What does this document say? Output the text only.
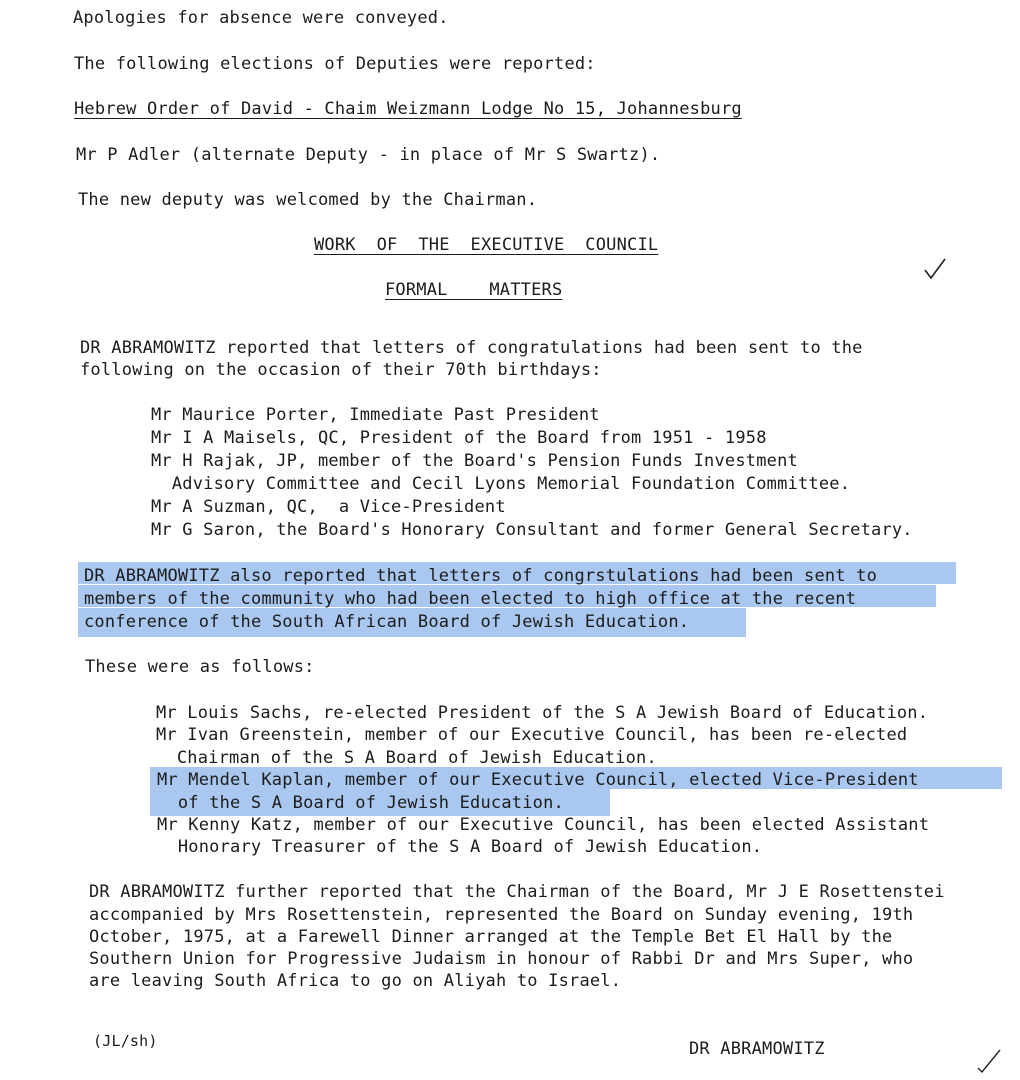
Apologies for absence were conveyed.
The following elections of Deputies were reported:
Hebrew Order of David - Chaim Weizmann Lodge No 15, Johannesburg
Mr P Adler (alternate Deputy - in place of Mr S Swartz).
The new deputy was welcomed by the Chairman.
WORK  OF  THE  EXECUTIVE  COUNCIL
FORMAL    MATTERS
DR ABRAMOWITZ reported that letters of congratulations had been sent to the
following on the occasion of their 70th birthdays:
Mr Maurice Porter, Immediate Past President
Mr I A Maisels, QC, President of the Board from 1951 - 1958
Mr H Rajak, JP, member of the Board's Pension Funds Investment
Advisory Committee and Cecil Lyons Memorial Foundation Committee.
Mr A Suzman, QC,  a Vice-President
Mr G Saron, the Board's Honorary Consultant and former General Secretary.
DR ABRAMOWITZ also reported that letters of congrstulations had been sent to
members of the community who had been elected to high office at the recent
conference of the South African Board of Jewish Education.
These were as follows:
Mr Louis Sachs, re-elected President of the S A Jewish Board of Education.
Mr Ivan Greenstein, member of our Executive Council, has been re-elected
Chairman of the S A Board of Jewish Education.
Mr Mendel Kaplan, member of our Executive Council, elected Vice-President
of the S A Board of Jewish Education.
Mr Kenny Katz, member of our Executive Council, has been elected Assistant
Honorary Treasurer of the S A Board of Jewish Education.
DR ABRAMOWITZ further reported that the Chairman of the Board, Mr J E Rosettenstei
accompanied by Mrs Rosettenstein, represented the Board on Sunday evening, 19th
October, 1975, at a Farewell Dinner arranged at the Temple Bet El Hall by the
Southern Union for Progressive Judaism in honour of Rabbi Dr and Mrs Super, who
are leaving South Africa to go on Aliyah to Israel.
(JL/sh)	DR ABRAMOWITZ
